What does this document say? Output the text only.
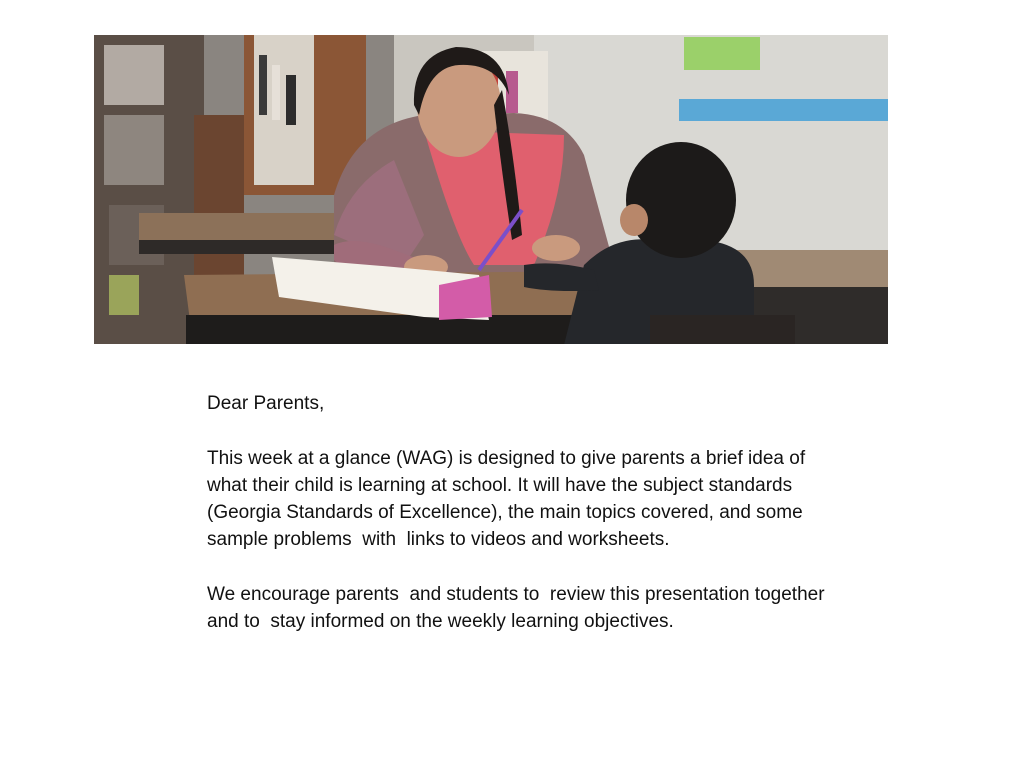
Dear Parents,

This week at a glance (WAG) is designed to give parents a brief idea of what their child is learning at school. It will have the subject standards (Georgia Standards of Excellence), the main topics covered, and some sample problems  with  links to videos and worksheets.

We encourage parents  and students to  review this presentation together and to  stay informed on the weekly learning objectives.
